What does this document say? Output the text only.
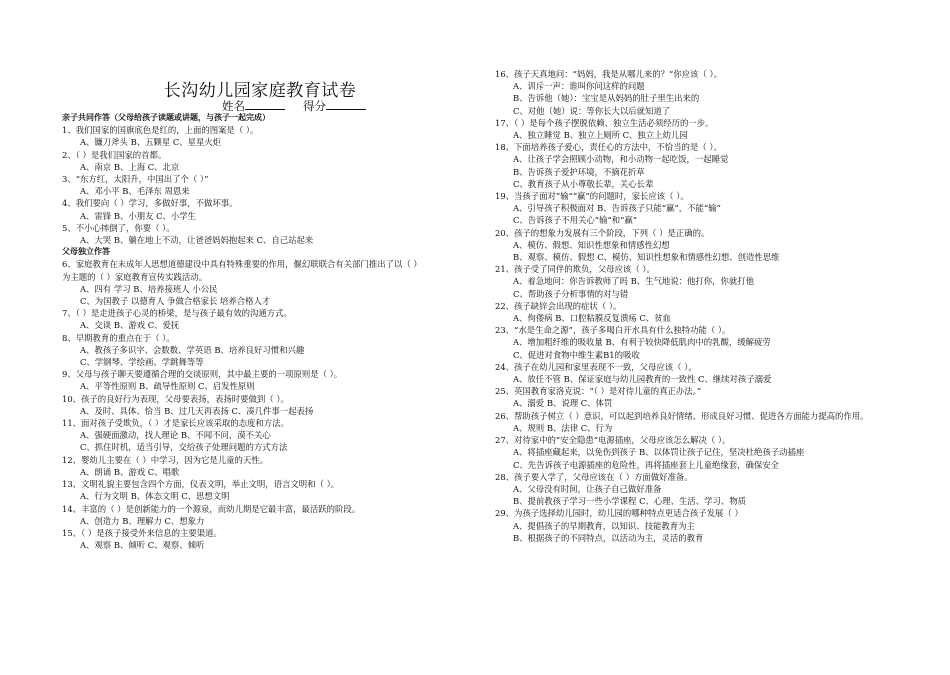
长沟幼儿园家庭教育试卷
姓名	得分
亲子共同作答（父母给孩子读题或讲题，与孩子一起完成）
1、我们国家的国旗底色是红的，上面的图案是（ ）。
A、镰刀斧头 B、五颗星 C、星星火炬
2、（ ）是我们国家的首都。
A、南京 B、上海 C、北京
3、“东方红，太阳升，中国出了个（ ）”
A、邓小平 B、毛泽东 周恩来
4、我们要向（ ）学习，多做好事，不做坏事。
A、雷锋 B、小朋友 C、小学生
5、不小心摔倒了，你要（ ）。
A、大哭 B、躺在地上不动，让爸爸妈妈抱起来 C、自己站起来
父母独立作答
6、家庭教育在未成年人思想道德建设中具有特殊重要的作用，偃幻联联合有关部门推出了以（ ）
为主题的（ ）家庭教育宣传实践活动。
A、四有 学习 B、培养接班人 小公民
C、为国教子 以德育人 争做合格家长 培养合格人才
7、（ ）是走进孩子心灵的桥梁，是与孩子最有效的沟通方式。
A、交谈 B、游戏 C、爱抚
8、早期教育的重点在于（ ）。
A、教孩子多识字、会数数、学英语 B、培养良好习惯和兴趣
C、学钢琴、学绘画、学跳舞等等
9、父母与孩子聊天要遵循合理的交谈原则，其中最主要的一项原则是（ ）。
A、平等性原则 B、疏导性原则 C、启发性原则
10、孩子的良好行为表现，父母要表扬，表扬时要做到（ ）。
A、及时、具体、恰当 B、过几天再表扬 C、凑几件事一起表扬
11、面对孩子受欺负，（ ）才是家长应该采取的态度和方法。
A、强硬面激动，找人理论 B、不闻不问，漠不关心
C、抓住时机，适当引导，交给孩子处理问题的方式方法
12、婴幼儿主要在（ ）中学习，因为它是儿童的天性。
A、朗诵 B、游戏 C、唱歌
13、文明礼貌主要包含四个方面，仪表文明，举止文明，语言文明和（ ）。
A、行为文明 B、体态文明 C、思想文明
14、丰富的（ ）是创新能力的一个源泉，而幼儿期是它最丰富，最活跃的阶段。
A、创造力 B、理解力 C、想象力
15、（ ）是孩子接受外来信息的主要渠道。
A、观察 B、倾听 C、观察、倾听
16、孩子天真地问：“妈妈，我是从哪儿来的？”你应该（ ）。
A、训斥一声：谁叫你问这样的问题
B、告诉他（她）：宝宝是从妈妈的肚子里生出来的
C、对他（她）说：等你长大以后就知道了
17、（ ）是每个孩子摆脱依赖、独立生活必须经历的一步。
A、独立睡觉 B、独立上厕所 C、独立上幼儿园
18、下面培养孩子爱心，责任心的方法中，不恰当的是（ ）。
A、让孩子学会照顾小动物，和小动物一起吃饭，一起睡觉
B、告诉孩子爱护环境，不摘花折草
C、教育孩子从小尊敬长辈，关心长辈
19、当孩子面对“输”“赢”的问题时，家长应该（ ）。
A、引导孩子积极面对 B、告诉孩子只能“赢”，不能“输”
C、告诉孩子不用关心“输”和“赢”
20、孩子的想象力发展有三个阶段，下列（ ）是正确的。
A、模仿、假想、知识性想象和情感性幻想
B、观察、模仿、假想 C、模仿、知识性想象和情感性幻想、创造性思维
21、孩子受了同伴的欺负，父母应该（ ）。
A、着急地问：你告诉教师了吗 B、生气地说：他打你，你就打他
C、帮助孩子分析事情的对与错
22、孩子缺锌会出现的症状（ ）。
A、佝偻病 B、口腔粘膜反复溃疡 C、贫血
23、“水是生命之源”，孩子多喝白开水具有什么独特功能（ ）。
A、增加粗纤维的吸收量 B、有利于较快降低肌肉中的乳酸，缓解疲劳
C、促进对食物中维生素B1的吸收
24、孩子在幼儿园和家里表现不一致，父母应该（ ）。
A、放任不管 B、保证家庭与幼儿园教育的一致性 C、继续对孩子溺爱
25、英国教育家洛克说：“（ ）是对待儿童的真正办法。”
A、溺爱 B、说理 C、体罚
26、帮助孩子树立（ ）意识，可以起到培养良好情绪、形成良好习惯、促进各方面能力提高的作用。
A、规则 B、法律 C、行为
27、对待家中的“安全隐患”电源插座，父母应该怎么解决（ ）。
A、将插座藏起来，以免伤到孩子 B、以体罚让孩子记住，坚决杜绝孩子动插座
C、先告诉孩子电源插座的危险性，再将插座套上儿童绝缘套，确保安全
28、孩子要入学了，父母应该在（ ）方面做好准备。
A、父母没有时间，让孩子自己做好准备
B、提前教孩子学习一些小学课程 C、心理、生活、学习、物质
29、为孩子选择幼儿园时，幼儿园的哪种特点更适合孩子发展（ ）
A、提倡孩子的早期教育，以知识、技能教育为主
B、根据孩子的不同特点，以活动为主，灵活的教育
